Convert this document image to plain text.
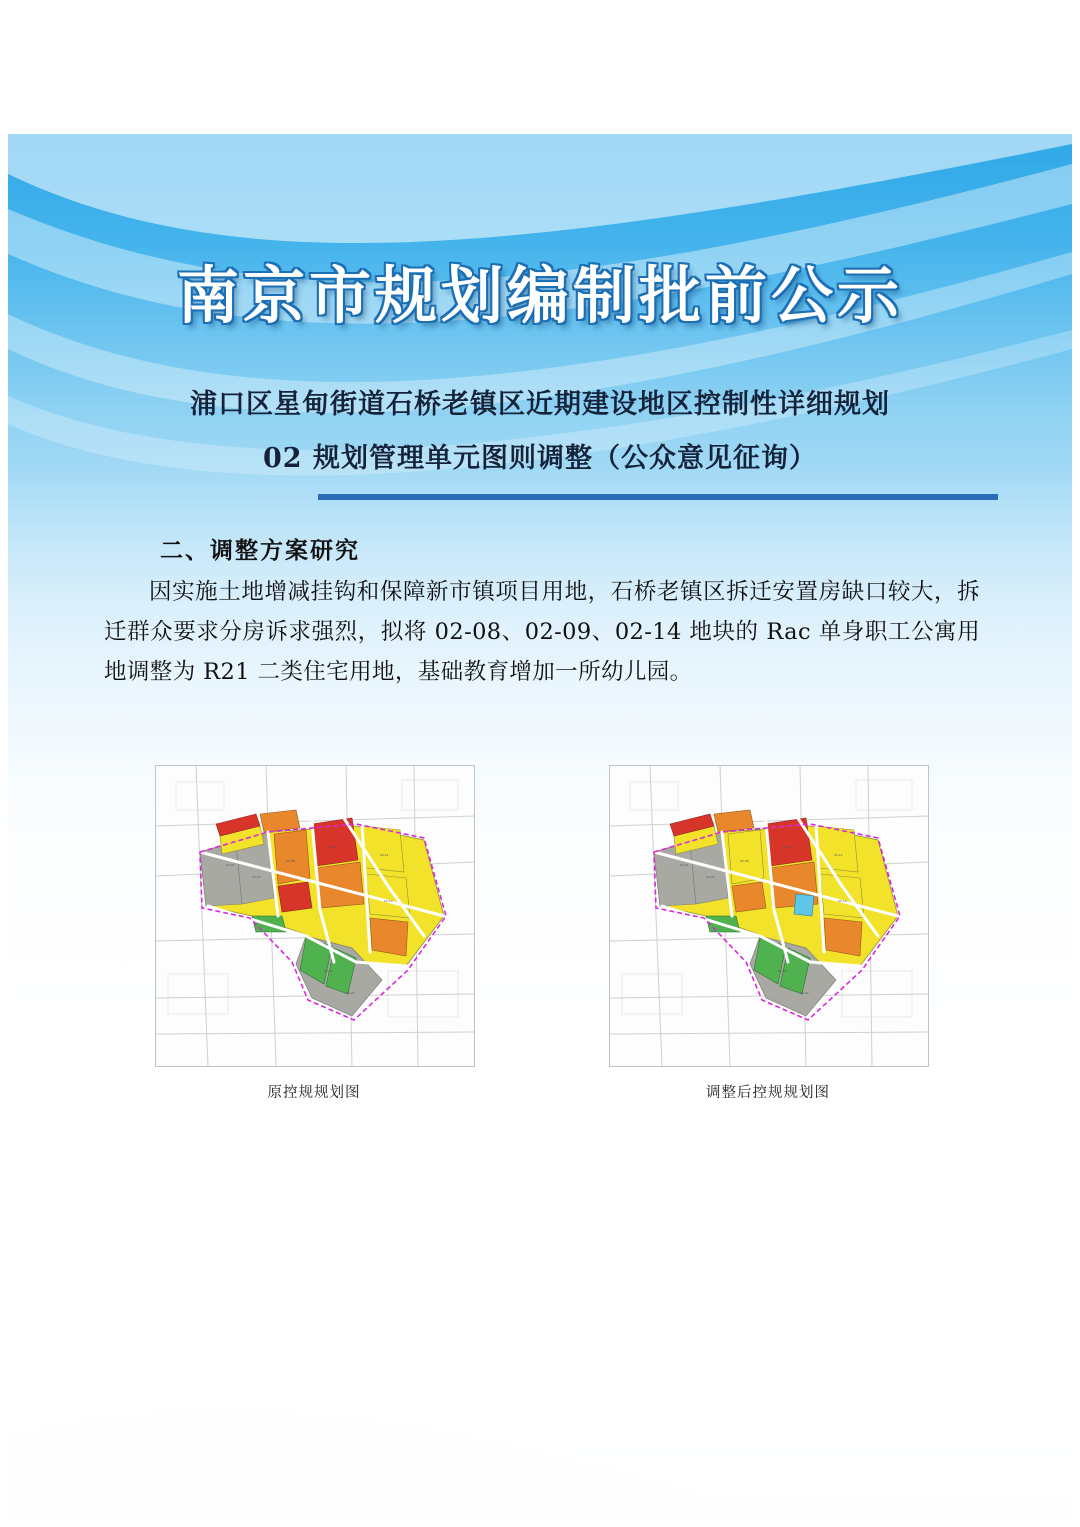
南京市规划编制批前公示
浦口区星甸街道石桥老镇区近期建设地区控制性详细规划
02 规划管理单元图则调整（公众意见征询）
二、调整方案研究
因实施土地增减挂钩和保障新市镇项目用地，石桥老镇区拆迁安置房缺口较大，拆迁群众要求分房诉求强烈，拟将 02-08、02-09、02-14 地块的 Rac 单身职工公寓用地调整为 R21 二类住宅用地，基础教育增加一所幼儿园。
02-01
02-02
02-08
02-09
02-11
02-14
02-20
02-22
原控规规划图
02-01
02-02
02-08
02-09
02-11
02-14
02-20
02-22
调整后控规规划图
